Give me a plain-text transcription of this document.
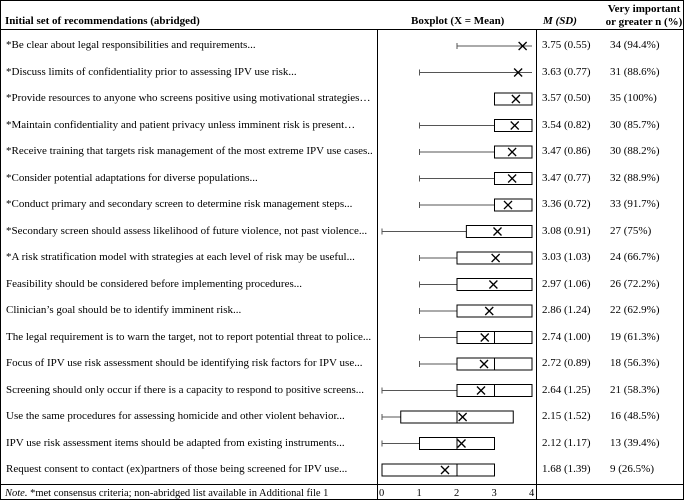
Initial set of recommendations (abridged)	Boxplot (X = Mean)	M (SD)
Very important
or greater n (%)
*Be clear about legal responsibilities and requirements...	3.75 (0.55) 34 (94.4%)
*Discuss limits of confidentiality prior to assessing IPV use risk...	3.63 (0.77) 31 (88.6%)
*Provide resources to anyone who screens positive using motivational strategies…	3.57 (0.50) 35 (100%)
*Maintain confidentiality and patient privacy unless imminent risk is present…	3.54 (0.82) 30 (85.7%)
*Receive training that targets risk management of the most extreme IPV use cases..	3.47 (0.86) 30 (88.2%)
*Consider potential adaptations for diverse populations...	3.47 (0.77) 32 (88.9%)
*Conduct primary and secondary screen to determine risk management steps...	3.36 (0.72) 33 (91.7%)
*Secondary screen should assess likelihood of future violence, not past violence...	3.08 (0.91) 27 (75%)
*A risk stratification model with strategies at each level of risk may be useful...	3.03 (1.03) 24 (66.7%)
Feasibility should be considered before implementing procedures...	2.97 (1.06) 26 (72.2%)
Clinician’s goal should be to identify imminent risk...	2.86 (1.24) 22 (62.9%)
The legal requirement is to warn the target, not to report potential threat to police...	2.74 (1.00) 19 (61.3%)
Focus of IPV use risk assessment should be identifying risk factors for IPV use...	2.72 (0.89) 18 (56.3%)
Screening should only occur if there is a capacity to respond to positive screens...	2.64 (1.25) 21 (58.3%)
Use the same procedures for assessing homicide and other violent behavior...	2.15 (1.52) 16 (48.5%)
IPV use risk assessment items should be adapted from existing instruments...	2.12 (1.17) 13 (39.4%)
Request consent to contact (ex)partners of those being screened for IPV use...	1.68 (1.39) 9 (26.5%)
Note. *met consensus criteria; non-abridged list available in Additional file 1	0	1	2	3	4
